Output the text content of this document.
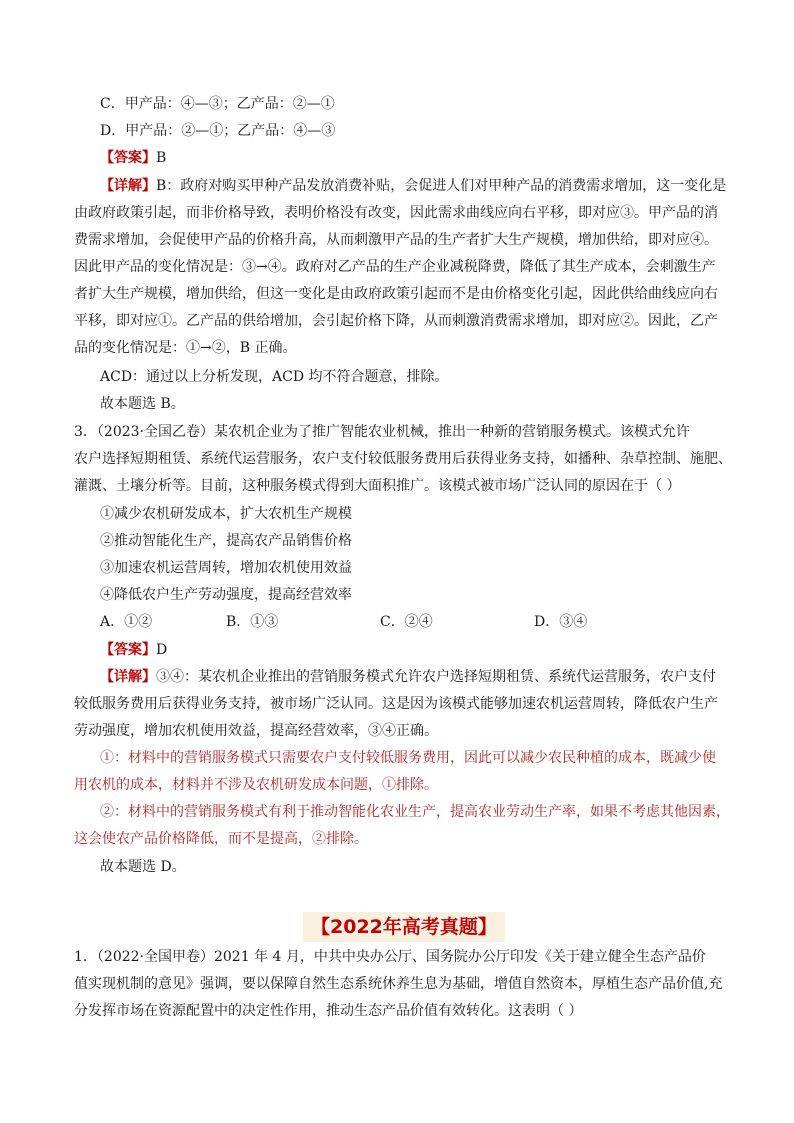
C．甲产品：④—③；乙产品：②—①
D．甲产品：②—①；乙产品：④—③
【答案】B
【详解】B：政府对购买甲种产品发放消费补贴，会促进人们对甲种产品的消费需求增加，这一变化是
由政府政策引起，而非价格导致，表明价格没有改变，因此需求曲线应向右平移，即对应③。甲产品的消
费需求增加，会促使甲产品的价格升高，从而刺激甲产品的生产者扩大生产规模，增加供给，即对应④。
因此甲产品的变化情况是：③→④。政府对乙产品的生产企业减税降费，降低了其生产成本，会刺激生产
者扩大生产规模，增加供给，但这一变化是由政府政策引起而不是由价格变化引起，因此供给曲线应向右
平移，即对应①。乙产品的供给增加，会引起价格下降，从而刺激消费需求增加，即对应②。因此，乙产
品的变化情况是：①→②，B 正确。
ACD：通过以上分析发现，ACD 均不符合题意，排除。
故本题选 B。
3．（2023·全国乙卷）某农机企业为了推广智能农业机械，推出一种新的营销服务模式。该模式允许
农户选择短期租赁、系统代运营服务，农户支付较低服务费用后获得业务支持，如播种、杂草控制、施肥、
灌溉、土壤分析等。目前，这种服务模式得到大面积推广。该模式被市场广泛认同的原因在于（ ）
①减少农机研发成本，扩大农机生产规模
②推动智能化生产，提高农产品销售价格
③加速农机运营周转，增加农机使用效益
④降低农户生产劳动强度，提高经营效率
A．①②	B．①③	C．②④	D．③④
【答案】D
【详解】③④：某农机企业推出的营销服务模式允许农户选择短期租赁、系统代运营服务，农户支付
较低服务费用后获得业务支持，被市场广泛认同。这是因为该模式能够加速农机运营周转，降低农户生产
劳动强度，增加农机使用效益，提高经营效率，③④正确。
①：材料中的营销服务模式只需要农户支付较低服务费用，因此可以减少农民种植的成本，既减少使
用农机的成本，材料并不涉及农机研发成本问题，①排除。
②：材料中的营销服务模式有利于推动智能化农业生产，提高农业劳动生产率，如果不考虑其他因素，
这会使农产品价格降低，而不是提高，②排除。
故本题选 D。
【2022年高考真题】
1．（2022·全国甲卷）2021 年 4 月，中共中央办公厅、国务院办公厅印发《关于建立健全生态产品价
值实现机制的意见》强调，要以保障自然生态系统休养生息为基础，增值自然资本，厚植生态产品价值,充
分发挥市场在资源配置中的决定性作用，推动生态产品价值有效转化。这表明（ ）
